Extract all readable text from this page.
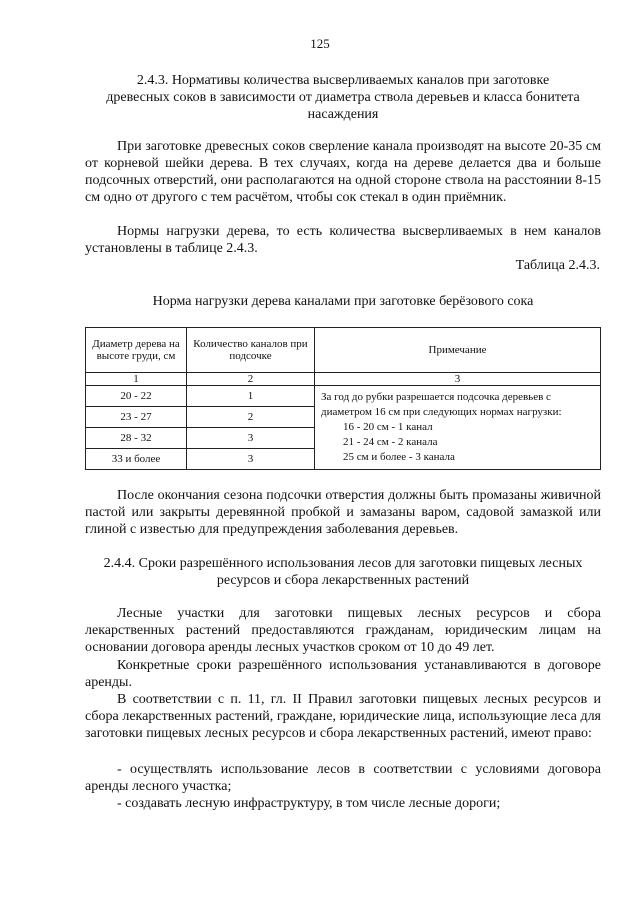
125
2.4.3. Нормативы количества высверливаемых каналов при заготовке
древесных соков в зависимости от диаметра ствола деревьев и класса бонитета
насаждения
При заготовке древесных соков сверление канала производят на высоте 20-35 см от корневой шейки дерева. В тех случаях, когда на дереве делается два и больше подсочных отверстий, они располагаются на одной стороне ствола на расстоянии 8-15 см одно от другого с тем расчётом, чтобы сок стекал в один приёмник.
Нормы нагрузки дерева, то есть количества высверливаемых в нем каналов установлены в таблице 2.4.3.
Таблица 2.4.3.
Норма нагрузки дерева каналами при заготовке берёзового сока
Диаметр дерева на высоте груди, см	Количество каналов при подсочке	Примечание
1	2	3
20 - 22	1	За год до рубки разрешается подсочка деревьев с диаметром 16 см при следующих нормах нагрузки:
16 - 20 см - 1 канал
21 - 24 см - 2 канала
25 см и более - 3 канала

23 - 27	2	
28 - 32	3	
33 и более	3	
После окончания сезона подсочки отверстия должны быть промазаны живичной пастой или закрыты деревянной пробкой и замазаны варом, садовой замазкой или глиной с известью для предупреждения заболевания деревьев.
2.4.4. Сроки разрешённого использования лесов для заготовки пищевых лесных
ресурсов и сбора лекарственных растений
Лесные участки для заготовки пищевых лесных ресурсов и сбора лекарственных растений предоставляются гражданам, юридическим лицам на основании договора аренды лесных участков сроком от 10 до 49 лет.
Конкретные сроки разрешённого использования устанавливаются в договоре аренды.
В соответствии с п. 11, гл. II Правил заготовки пищевых лесных ресурсов и сбора лекарственных растений, граждане, юридические лица, использующие леса для заготовки пищевых лесных ресурсов и сбора лекарственных растений, имеют право:
- осуществлять использование лесов в соответствии с условиями договора аренды лесного участка;
- создавать лесную инфраструктуру, в том числе лесные дороги;
